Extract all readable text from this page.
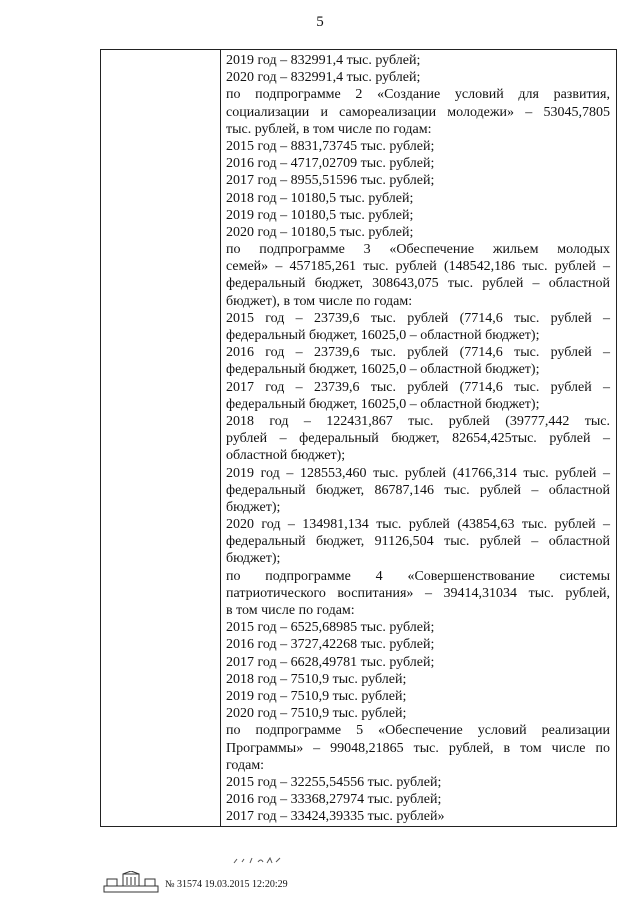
5
2019 год – 832991,4 тыс. рублей;
2020 год – 832991,4 тыс. рублей;
по подпрограмме 2 «Создание условий для развития,
социализации и самореализации молодежи» – 53045,7805
тыс. рублей, в том числе по годам:
2015 год – 8831,73745 тыс. рублей;
2016 год – 4717,02709 тыс. рублей;
2017 год – 8955,51596 тыс. рублей;
2018 год – 10180,5 тыс. рублей;
2019 год – 10180,5 тыс. рублей;
2020 год – 10180,5 тыс. рублей;
по подпрограмме 3 «Обеспечение жильем молодых
семей» – 457185,261 тыс. рублей (148542,186 тыс. рублей –
федеральный бюджет, 308643,075 тыс. рублей – областной
бюджет), в том числе по годам:
2015 год – 23739,6 тыс. рублей (7714,6 тыс. рублей –
федеральный бюджет, 16025,0 – областной бюджет);
2016 год – 23739,6 тыс. рублей (7714,6 тыс. рублей –
федеральный бюджет, 16025,0 – областной бюджет);
2017 год – 23739,6 тыс. рублей (7714,6 тыс. рублей –
федеральный бюджет, 16025,0 – областной бюджет);
2018 год – 122431,867 тыс. рублей (39777,442 тыс.
рублей – федеральный бюджет, 82654,425тыс. рублей –
областной бюджет);
2019 год – 128553,460 тыс. рублей (41766,314 тыс. рублей –
федеральный бюджет, 86787,146 тыс. рублей – областной
бюджет);
2020 год – 134981,134 тыс. рублей (43854,63 тыс. рублей –
федеральный бюджет, 91126,504 тыс. рублей – областной
бюджет);
по подпрограмме 4 «Совершенствование системы
патриотического воспитания» – 39414,31034 тыс. рублей,
в том числе по годам:
2015 год – 6525,68985 тыс. рублей;
2016 год – 3727,42268 тыс. рублей;
2017 год – 6628,49781 тыс. рублей;
2018 год – 7510,9 тыс. рублей;
2019 год – 7510,9 тыс. рублей;
2020 год – 7510,9 тыс. рублей;
по подпрограмме 5 «Обеспечение условий реализации
Программы» – 99048,21865 тыс. рублей, в том числе по
годам:
2015 год – 32255,54556 тыс. рублей;
2016 год – 33368,27974 тыс. рублей;
2017 год – 33424,39335 тыс. рублей»
№ 31574 19.03.2015 12:20:29
